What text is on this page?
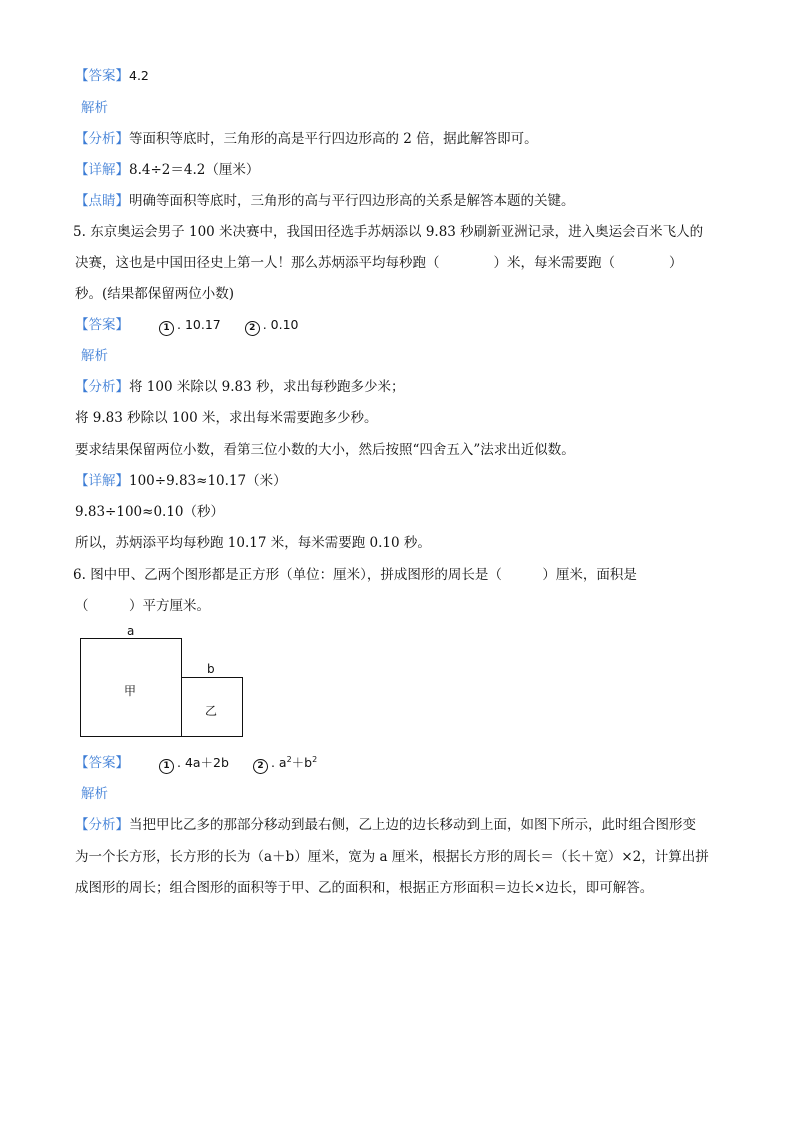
【答案】4.2
解析
【分析】等面积等底时，三角形的高是平行四边形高的 2 倍，据此解答即可。
【详解】8.4÷2＝4.2（厘米）
【点睛】明确等面积等底时，三角形的高与平行四边形高的关系是解答本题的关键。
5. 东京奥运会男子 100 米决赛中，我国田径选手苏炳添以 9.83 秒刷新亚洲记录，进入奥运会百米飞人的
决赛，这也是中国田径史上第一人！那么苏炳添平均每秒跑（　　　　）米，每米需要跑（　　　　）
秒。(结果都保留两位小数)
【答案】	1 . 10.17	2 . 0.10
解析
【分析】将 100 米除以 9.83 秒，求出每秒跑多少米；
将 9.83 秒除以 100 米，求出每米需要跑多少秒。
要求结果保留两位小数，看第三位小数的大小，然后按照“四舍五入”法求出近似数。
【详解】100÷9.83≈10.17（米）
9.83÷100≈0.10（秒）
所以，苏炳添平均每秒跑 10.17 米，每米需要跑 0.10 秒。
6. 图中甲、乙两个图形都是正方形（单位：厘米），拼成图形的周长是（　　　）厘米，面积是
（　　　）平方厘米。
a
甲
b
乙
【答案】	1 . 4a＋2b	2 . $a^2+b^2$
解析
【分析】当把甲比乙多的那部分移动到最右侧，乙上边的边长移动到上面，如图下所示，此时组合图形变
为一个长方形，长方形的长为（a＋b）厘米，宽为 a 厘米，根据长方形的周长＝（长＋宽）×2，计算出拼
成图形的周长；组合图形的面积等于甲、乙的面积和，根据正方形面积＝边长×边长，即可解答。
